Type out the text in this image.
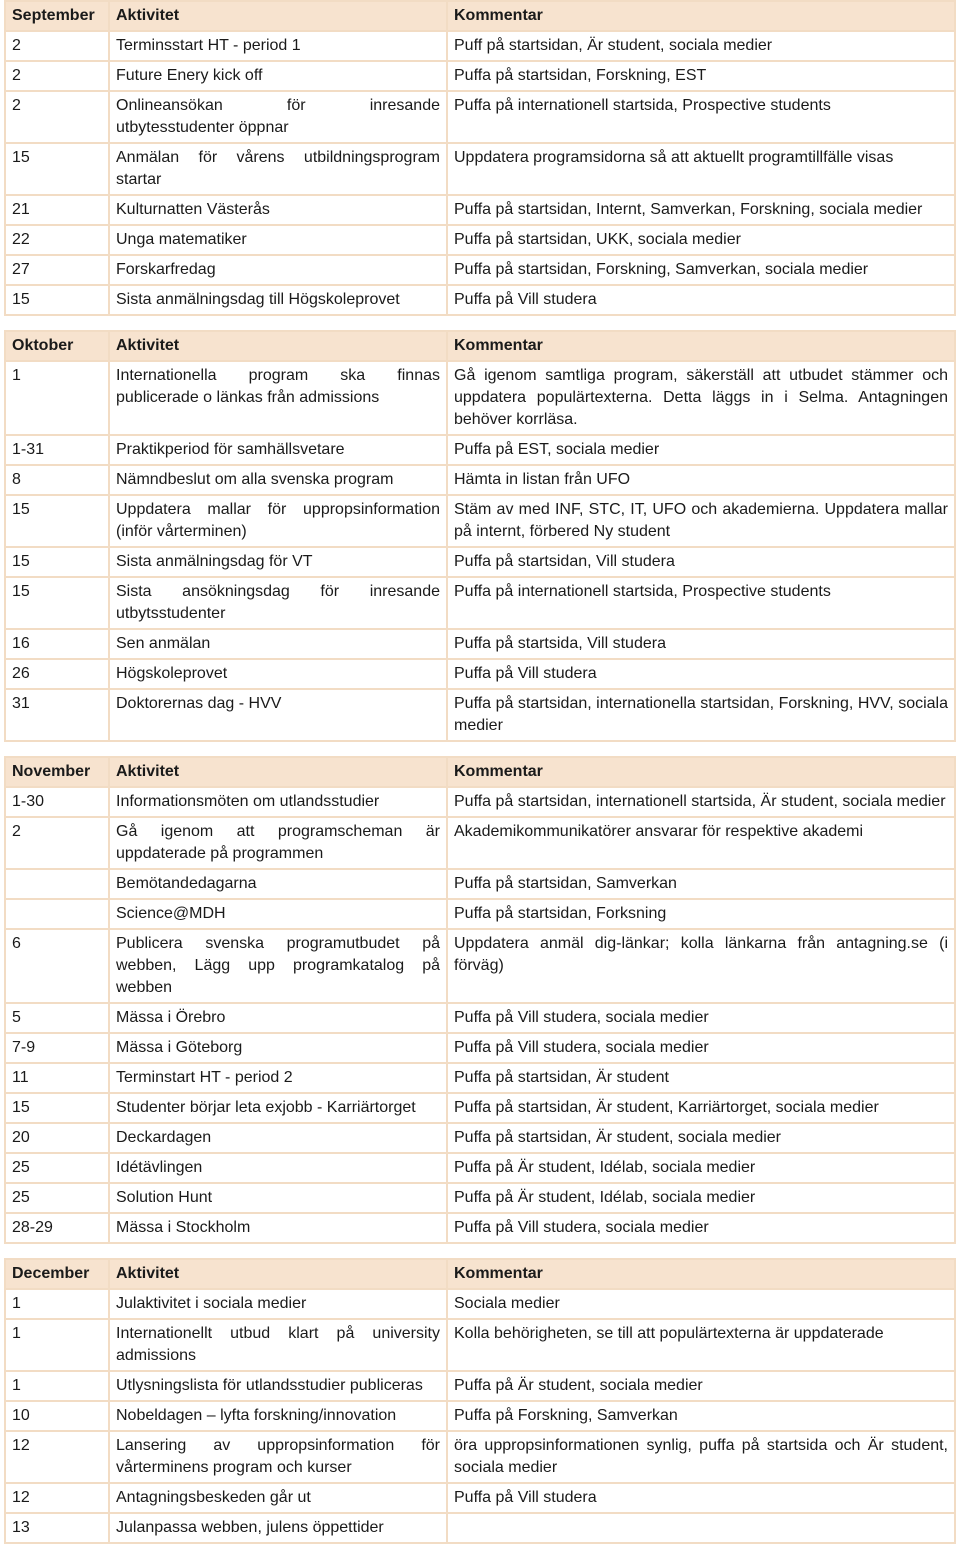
September	Aktivitet	Kommentar
2	Terminsstart HT - period 1	Puff på startsidan, Är student, sociala medier
2	Future Enery kick off	Puffa på startsidan, Forskning, EST
2	Onlineansökan för inresande utbytesstudenter öppnar	Puffa på internationell startsida, Prospective students
15	Anmälan för vårens utbildningsprogram startar	Uppdatera programsidorna så att aktuellt programtillfälle visas
21	Kulturnatten Västerås	Puffa på startsidan, Internt, Samverkan, Forskning, sociala medier
22	Unga matematiker	Puffa på startsidan, UKK, sociala medier
27	Forskarfredag	Puffa på startsidan, Forskning, Samverkan, sociala medier
15	Sista anmälningsdag till Högskoleprovet	Puffa på Vill studera
Oktober	Aktivitet	Kommentar
1	Internationella program ska finnas publicerade o länkas från admissions	Gå igenom samtliga program, säkerställ att utbudet stämmer och uppdatera populärtexterna. Detta läggs in i Selma. Antagningen behöver korrläsa.
1-31	Praktikperiod för samhällsvetare	Puffa på EST, sociala medier
8	Nämndbeslut om alla svenska program	Hämta in listan från UFO
15	Uppdatera mallar för uppropsinformation (inför vårterminen)	Stäm av med INF, STC, IT, UFO och akademierna. Uppdatera mallar på internt, förbered Ny student
15	Sista anmälningsdag för VT	Puffa på startsidan, Vill studera
15	Sista ansökningsdag för inresande utbytsstudenter	Puffa på internationell startsida, Prospective students
16	Sen anmälan	Puffa på startsida, Vill studera
26	Högskoleprovet	Puffa på Vill studera
31	Doktorernas dag - HVV	Puffa på startsidan, internationella startsidan, Forskning, HVV, sociala medier
November	Aktivitet	Kommentar
1-30	Informationsmöten om utlandsstudier	Puffa på startsidan, internationell startsida, Är student, sociala medier
2	Gå igenom att programscheman är uppdaterade på programmen	Akademikommunikatörer ansvarar för respektive akademi
	Bemötandedagarna	Puffa på startsidan, Samverkan
	Science@MDH	Puffa på startsidan, Forksning
6	Publicera svenska programutbudet på webben, Lägg upp programkatalog på webben	Uppdatera anmäl dig-länkar; kolla länkarna från antagning.se (i förväg)
5	Mässa i Örebro	Puffa på Vill studera, sociala medier
7-9	Mässa i Göteborg	Puffa på Vill studera, sociala medier
11	Terminstart HT - period 2	Puffa på startsidan, Är student
15	Studenter börjar leta exjobb - Karriärtorget	Puffa på startsidan, Är student, Karriärtorget, sociala medier
20	Deckardagen	Puffa på startsidan, Är student, sociala medier
25	Idétävlingen	Puffa på Är student, Idélab, sociala medier
25	Solution Hunt	Puffa på Är student, Idélab, sociala medier
28-29	Mässa i Stockholm	Puffa på Vill studera, sociala medier
December	Aktivitet	Kommentar
1	Julaktivitet i sociala medier	Sociala medier
1	Internationellt utbud klart på university admissions	Kolla behörigheten, se till att populärtexterna är uppdaterade
1	Utlysningslista för utlandsstudier publiceras	Puffa på Är student, sociala medier
10	Nobeldagen – lyfta forskning/innovation	Puffa på Forskning, Samverkan
12	Lansering av uppropsinformation för vårterminens program och kurser	öra uppropsinformationen synlig, puffa på startsida och Är student, sociala medier
12	Antagningsbeskeden går ut	Puffa på Vill studera
13	Julanpassa webben, julens öppettider	
